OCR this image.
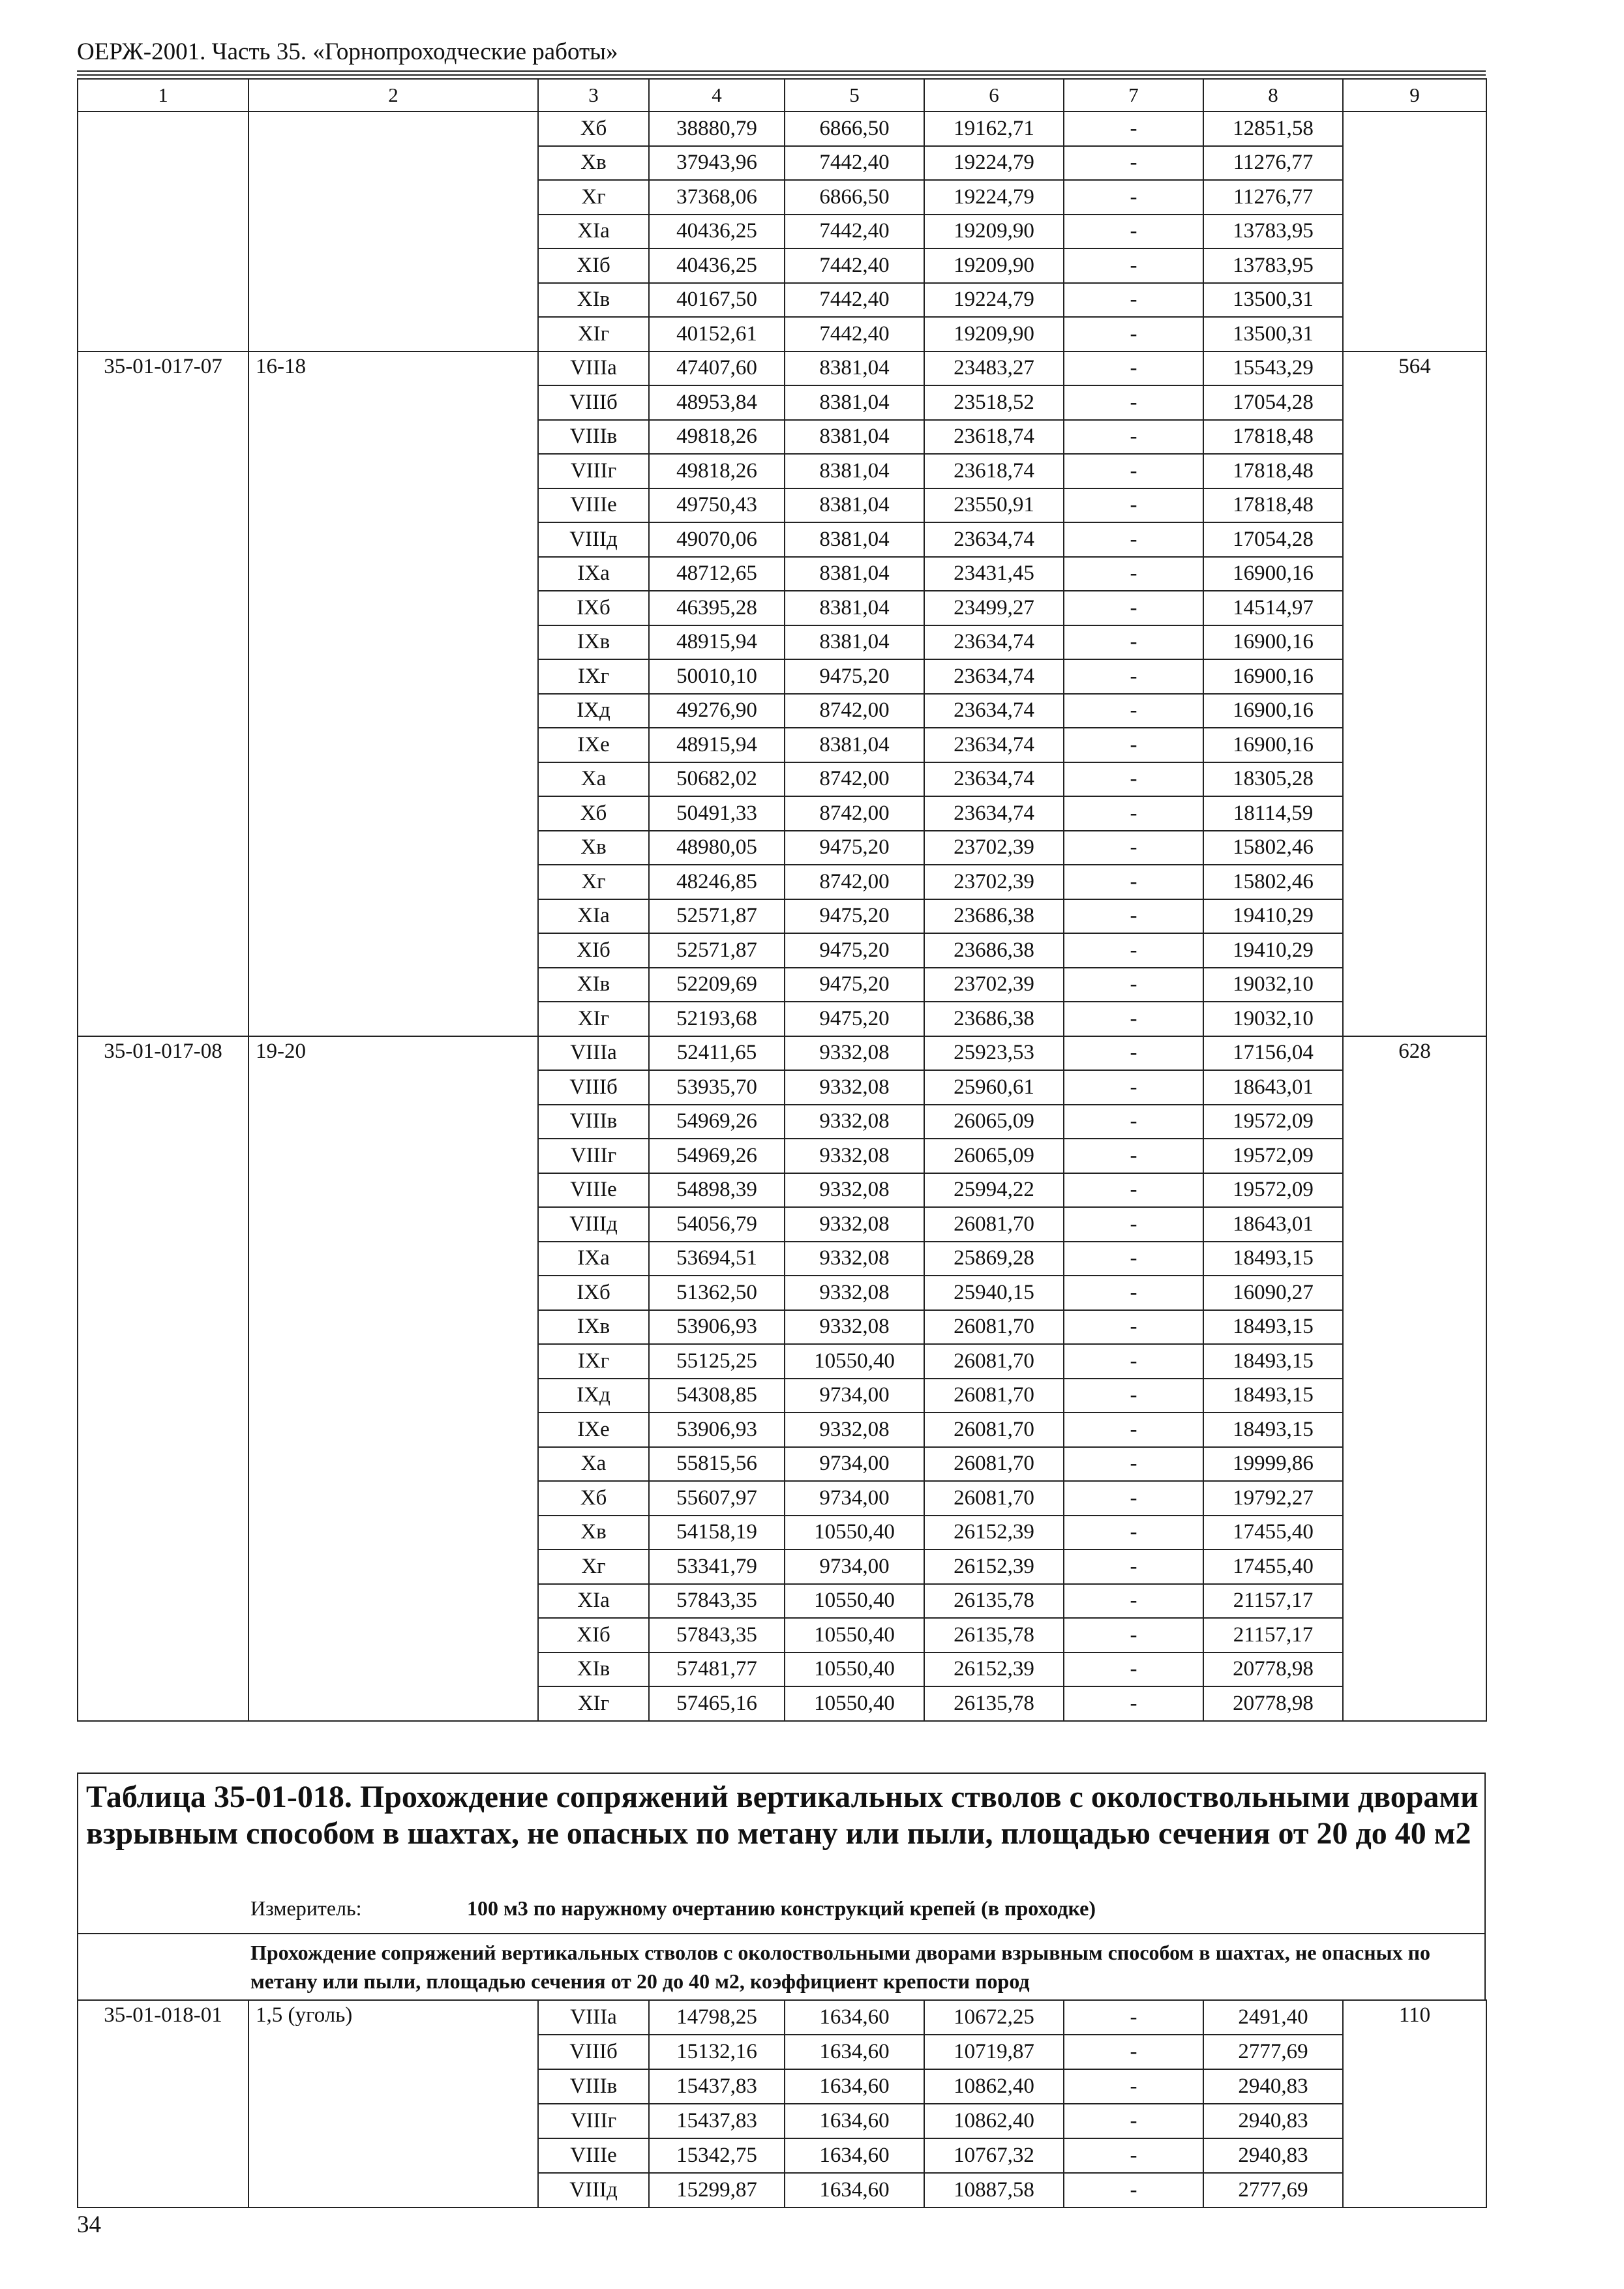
ОЕРЖ-2001. Часть 35. «Горнопроходческие работы»
1	2	3	4	5	6	7	8	9
		Хб	38880,79	6866,50	19162,71	-	12851,58	
		Хв	37943,96	7442,40	19224,79	-	11276,77	
		Хг	37368,06	6866,50	19224,79	-	11276,77	
		ХIа	40436,25	7442,40	19209,90	-	13783,95	
		ХIб	40436,25	7442,40	19209,90	-	13783,95	
		ХIв	40167,50	7442,40	19224,79	-	13500,31	
		ХIг	40152,61	7442,40	19209,90	-	13500,31	
35-01-017-07	16-18	VIIIа	47407,60	8381,04	23483,27	-	15543,29	564
		VIIIб	48953,84	8381,04	23518,52	-	17054,28	
		VIIIв	49818,26	8381,04	23618,74	-	17818,48	
		VIIIг	49818,26	8381,04	23618,74	-	17818,48	
		VIIIе	49750,43	8381,04	23550,91	-	17818,48	
		VIIIд	49070,06	8381,04	23634,74	-	17054,28	
		IХа	48712,65	8381,04	23431,45	-	16900,16	
		IХб	46395,28	8381,04	23499,27	-	14514,97	
		IХв	48915,94	8381,04	23634,74	-	16900,16	
		IХг	50010,10	9475,20	23634,74	-	16900,16	
		IХд	49276,90	8742,00	23634,74	-	16900,16	
		IХе	48915,94	8381,04	23634,74	-	16900,16	
		Ха	50682,02	8742,00	23634,74	-	18305,28	
		Хб	50491,33	8742,00	23634,74	-	18114,59	
		Хв	48980,05	9475,20	23702,39	-	15802,46	
		Хг	48246,85	8742,00	23702,39	-	15802,46	
		ХIа	52571,87	9475,20	23686,38	-	19410,29	
		ХIб	52571,87	9475,20	23686,38	-	19410,29	
		ХIв	52209,69	9475,20	23702,39	-	19032,10	
		ХIг	52193,68	9475,20	23686,38	-	19032,10	
35-01-017-08	19-20	VIIIа	52411,65	9332,08	25923,53	-	17156,04	628
		VIIIб	53935,70	9332,08	25960,61	-	18643,01	
		VIIIв	54969,26	9332,08	26065,09	-	19572,09	
		VIIIг	54969,26	9332,08	26065,09	-	19572,09	
		VIIIе	54898,39	9332,08	25994,22	-	19572,09	
		VIIIд	54056,79	9332,08	26081,70	-	18643,01	
		IХа	53694,51	9332,08	25869,28	-	18493,15	
		IХб	51362,50	9332,08	25940,15	-	16090,27	
		IХв	53906,93	9332,08	26081,70	-	18493,15	
		IХг	55125,25	10550,40	26081,70	-	18493,15	
		IХд	54308,85	9734,00	26081,70	-	18493,15	
		IХе	53906,93	9332,08	26081,70	-	18493,15	
		Ха	55815,56	9734,00	26081,70	-	19999,86	
		Хб	55607,97	9734,00	26081,70	-	19792,27	
		Хв	54158,19	10550,40	26152,39	-	17455,40	
		Хг	53341,79	9734,00	26152,39	-	17455,40	
		ХIа	57843,35	10550,40	26135,78	-	21157,17	
		ХIб	57843,35	10550,40	26135,78	-	21157,17	
		ХIв	57481,77	10550,40	26152,39	-	20778,98	
		ХIг	57465,16	10550,40	26135,78	-	20778,98	
Таблица 35-01-018. Прохождение сопряжений вертикальных стволов с околоствольными дворами взрывным способом в шахтах, не опасных по метану или пыли, площадью сечения от 20 до 40 м2
Измеритель:	100 м3 по наружному очертанию конструкций крепей (в проходке)
Прохождение сопряжений вертикальных стволов с околоствольными дворами взрывным способом в шахтах, не опасных по метану или пыли, площадью сечения от 20 до 40 м2, коэффициент крепости пород
35-01-018-01	1,5 (уголь)	VIIIа	14798,25	1634,60	10672,25	-	2491,40	110
		VIIIб	15132,16	1634,60	10719,87	-	2777,69	
		VIIIв	15437,83	1634,60	10862,40	-	2940,83	
		VIIIг	15437,83	1634,60	10862,40	-	2940,83	
		VIIIе	15342,75	1634,60	10767,32	-	2940,83	
		VIIIд	15299,87	1634,60	10887,58	-	2777,69	
34
